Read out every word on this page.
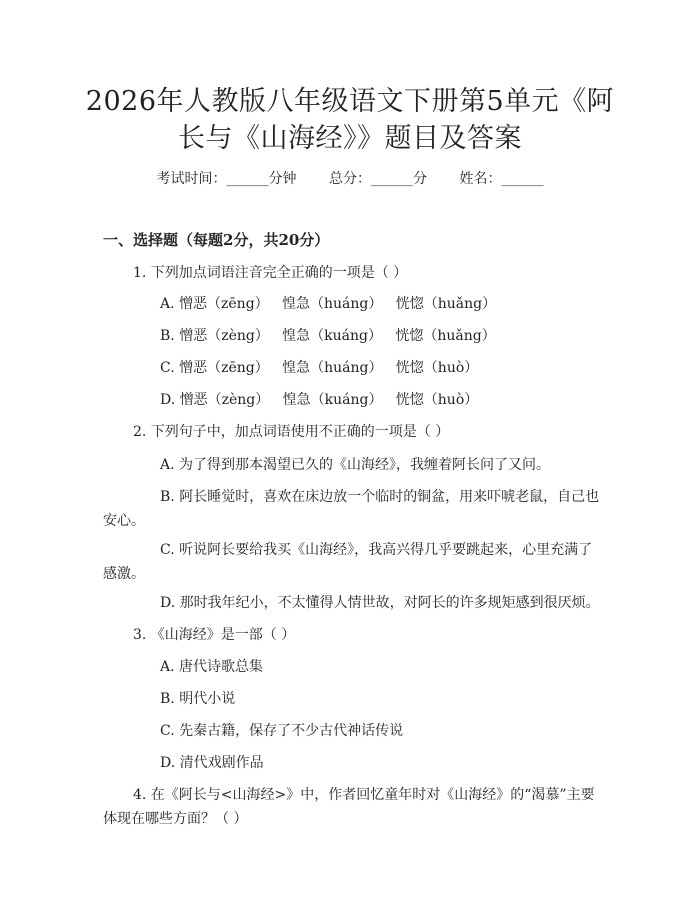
2026年人教版八年级语文下册第5单元《阿
长与《山海经》》题目及答案
考试时间：______分钟 总分：______分 姓名：______
一、选择题（每题2分，共20分）
1. 下列加点词语注音完全正确的一项是（ ）
A. 憎恶（zēng）   惶急（huáng）   恍惚（huǎng）
B. 憎恶（zèng）   惶急（kuáng）   恍惚（huǎng）
C. 憎恶（zēng）   惶急（huáng）   恍惚（huò）
D. 憎恶（zèng）   惶急（kuáng）   恍惚（huò）
2. 下列句子中，加点词语使用不正确的一项是（ ）
A. 为了得到那本渴望已久的《山海经》，我缠着阿长问了又问。
B. 阿长睡觉时，喜欢在床边放一个临时的铜盆，用来吓唬老鼠，自己也
安心。
C. 听说阿长要给我买《山海经》，我高兴得几乎要跳起来，心里充满了
感激。
D. 那时我年纪小，不太懂得人情世故，对阿长的许多规矩感到很厌烦。
3. 《山海经》是一部（ ）
A. 唐代诗歌总集
B. 明代小说
C. 先秦古籍，保存了不少古代神话传说
D. 清代戏剧作品
4. 在《阿长与<山海经>》中，作者回忆童年时对《山海经》的“渴慕”主要
体现在哪些方面？（ ）
